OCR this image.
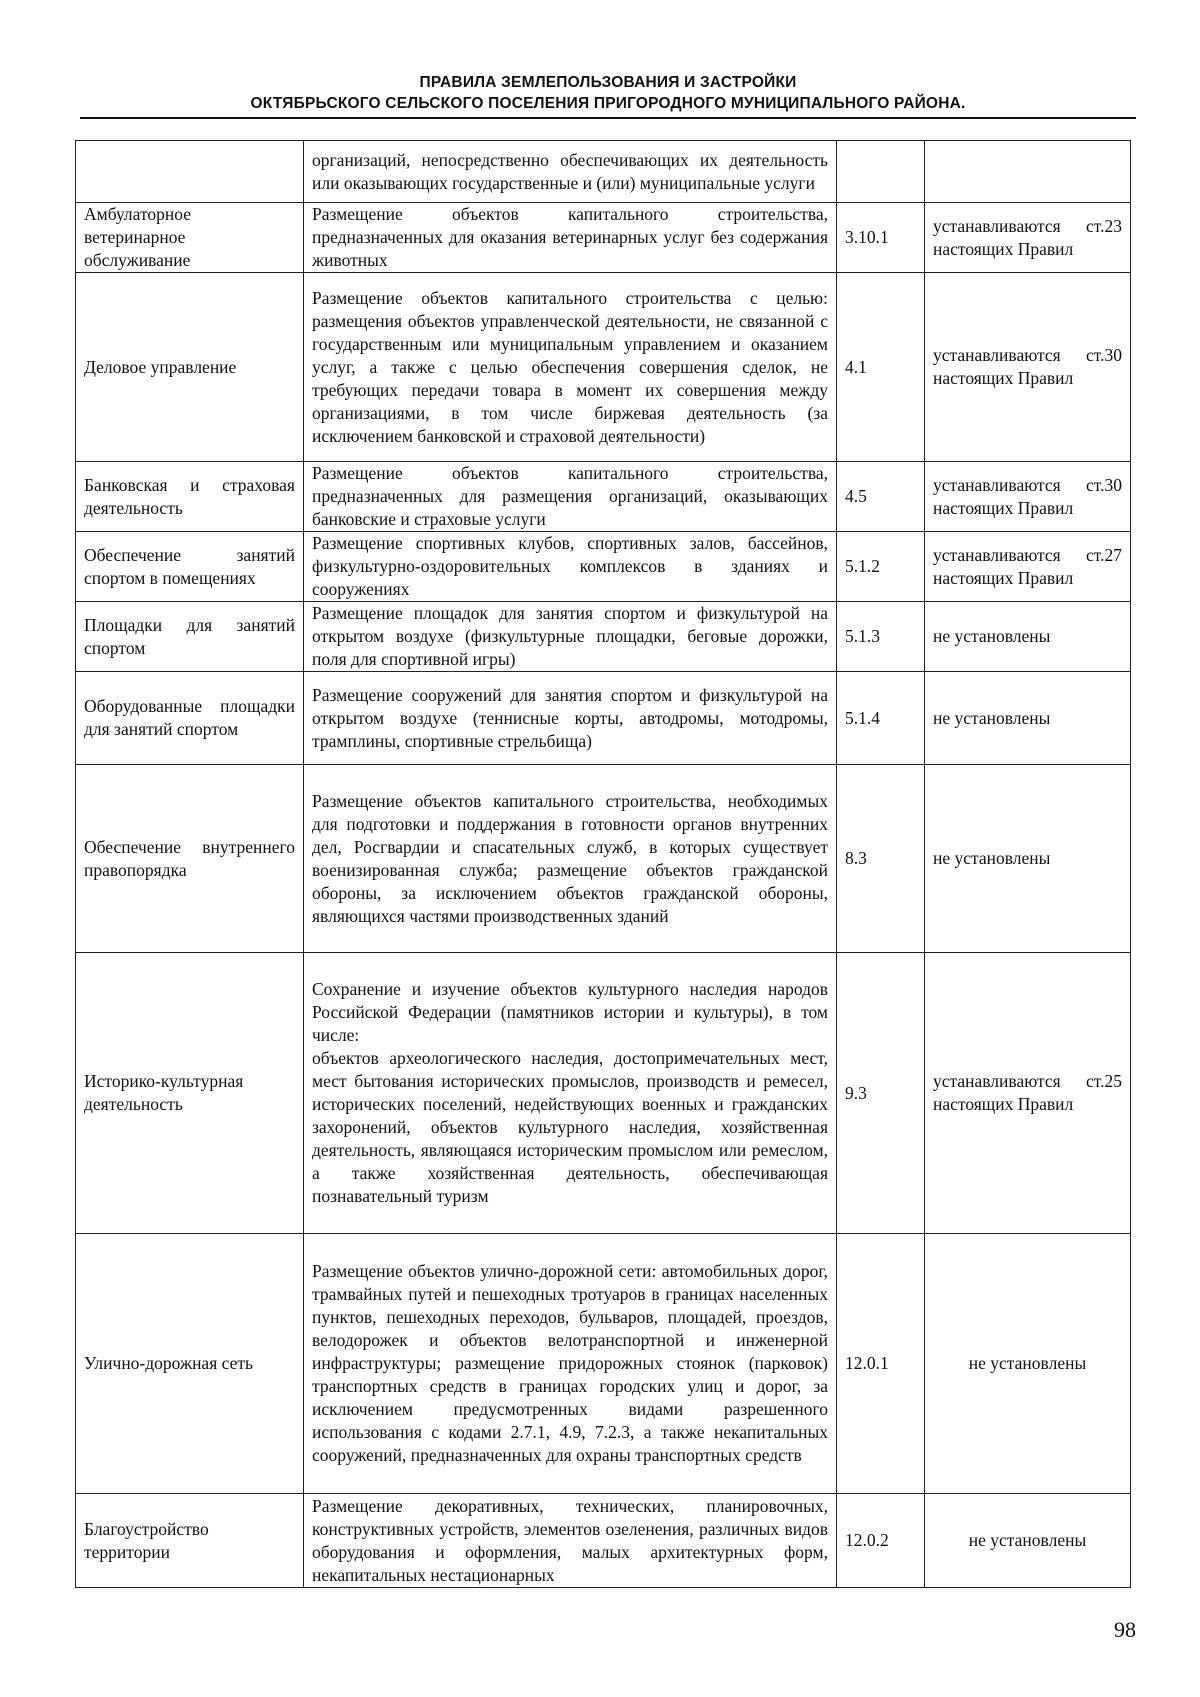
ПРАВИЛА ЗЕМЛЕПОЛЬЗОВАНИЯ И ЗАСТРОЙКИ
ОКТЯБРЬСКОГО СЕЛЬСКОГО ПОСЕЛЕНИЯ ПРИГОРОДНОГО МУНИЦИПАЛЬНОГО РАЙОНА.
	организаций, непосредственно обеспечивающих их деятельность или оказывающих государственные и (или) муниципальные услуги		
Амбулаторное ветеринарное обслуживание	Размещение объектов капитального строительства, предназначенных для оказания ветеринарных услуг без содержания животных	3.10.1	устанавливаются ст.23 настоящих Правил
Деловое управление	Размещение объектов капитального строительства с целью: размещения объектов управленческой деятельности, не связанной с государственным или муниципальным управлением и оказанием услуг, а также с целью обеспечения совершения сделок, не требующих передачи товара в момент их совершения между организациями, в том числе биржевая деятельность (за исключением банковской и страховой деятельности)	4.1	устанавливаются ст.30 настоящих Правил
Банковская и страховая деятельность	Размещение объектов капитального строительства, предназначенных для размещения организаций, оказывающих банковские и страховые услуги	4.5	устанавливаются ст.30 настоящих Правил
Обеспечение занятий спортом в помещениях	Размещение спортивных клубов, спортивных залов, бассейнов, физкультурно-оздоровительных комплексов в зданиях и сооружениях	5.1.2	устанавливаются ст.27 настоящих Правил
Площадки для занятий спортом	Размещение площадок для занятия спортом и физкультурой на открытом воздухе (физкультурные площадки, беговые дорожки, поля для спортивной игры)	5.1.3	не установлены
Оборудованные площадки для занятий спортом	Размещение сооружений для занятия спортом и физкультурой на открытом воздухе (теннисные корты, автодромы, мотодромы, трамплины, спортивные стрельбища)	5.1.4	не установлены
Обеспечение внутреннего правопорядка	Размещение объектов капитального строительства, необходимых для подготовки и поддержания в готовности органов внутренних дел, Росгвардии и спасательных служб, в которых существует военизированная служба; размещение объектов гражданской обороны, за исключением объектов гражданской обороны, являющихся частями производственных зданий	8.3	не установлены
Историко-культурная деятельность	Сохранение и изучение объектов культурного наследия народов Российской Федерации (памятников истории и культуры), в том числе:
объектов археологического наследия, достопримечательных мест, мест бытования исторических промыслов, производств и ремесел, исторических поселений, недействующих военных и гражданских захоронений, объектов культурного наследия, хозяйственная деятельность, являющаяся историческим промыслом или ремеслом, а также хозяйственная деятельность, обеспечивающая познавательный туризм	9.3	устанавливаются ст.25 настоящих Правил
Улично-дорожная сеть	Размещение объектов улично-дорожной сети: автомобильных дорог, трамвайных путей и пешеходных тротуаров в границах населенных пунктов, пешеходных переходов, бульваров, площадей, проездов, велодорожек и объектов велотранспортной и инженерной инфраструктуры; размещение придорожных стоянок (парковок) транспортных средств в границах городских улиц и дорог, за исключением предусмотренных видами разрешенного использования с кодами 2.7.1, 4.9, 7.2.3, а также некапитальных сооружений, предназначенных для охраны транспортных средств	12.0.1	не установлены
Благоустройство территории	Размещение декоративных, технических, планировочных, конструктивных устройств, элементов озеленения, различных видов оборудования и оформления, малых архитектурных форм, некапитальных нестационарных	12.0.2	не установлены
98
